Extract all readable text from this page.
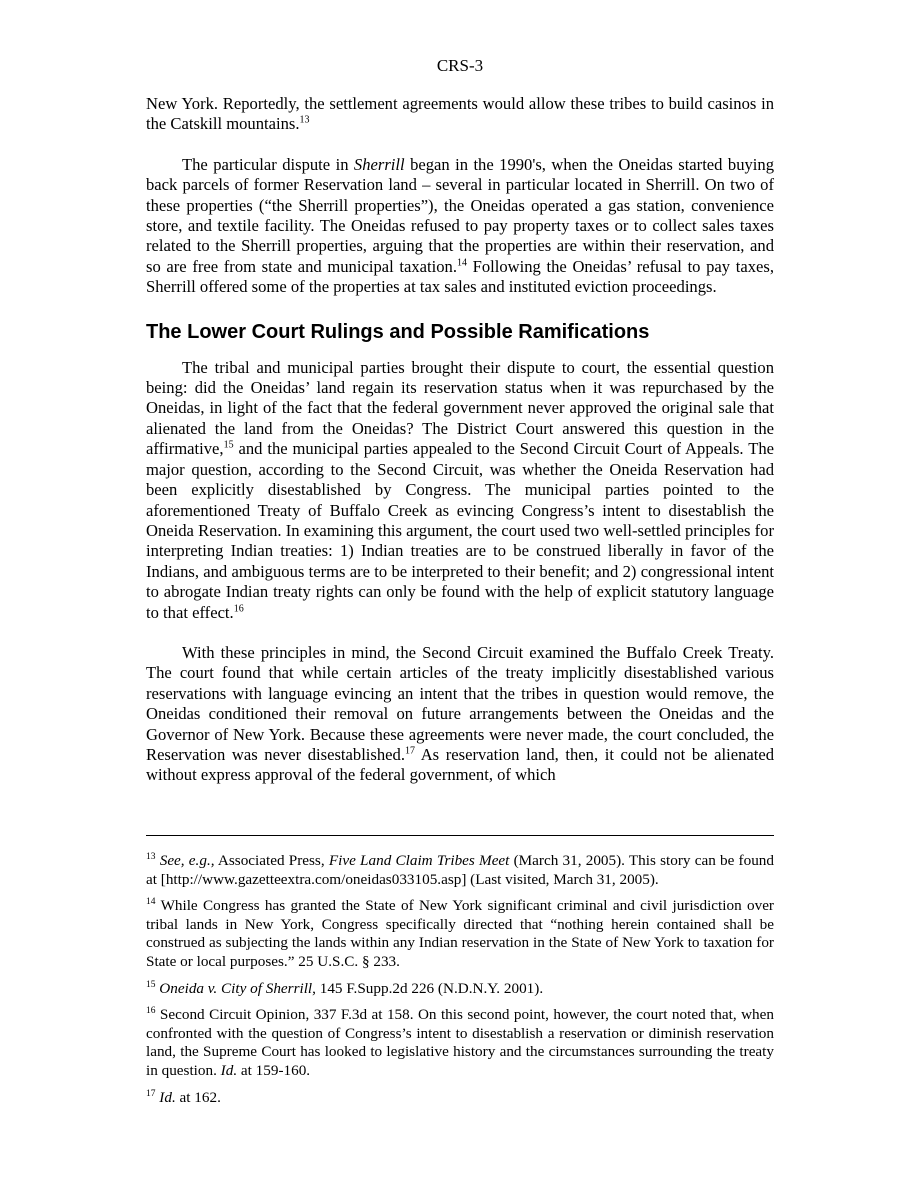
CRS-3

New York. Reportedly, the settlement agreements would allow these tribes to build casinos in the Catskill mountains.$^{13}$

The particular dispute in Sherrill began in the 1990's, when the Oneidas started buying back parcels of former Reservation land – several in particular located in Sherrill. On two of these properties (“the Sherrill properties”), the Oneidas operated a gas station, convenience store, and textile facility. The Oneidas refused to pay property taxes or to collect sales taxes related to the Sherrill properties, arguing that the properties are within their reservation, and so are free from state and municipal taxation.$^{14}$ Following the Oneidas’ refusal to pay taxes, Sherrill offered some of the properties at tax sales and instituted eviction proceedings.

The Lower Court Rulings and Possible Ramifications

The tribal and municipal parties brought their dispute to court, the essential question being: did the Oneidas’ land regain its reservation status when it was repurchased by the Oneidas, in light of the fact that the federal government never approved the original sale that alienated the land from the Oneidas? The District Court answered this question in the affirmative,$^{15}$ and the municipal parties appealed to the Second Circuit Court of Appeals. The major question, according to the Second Circuit, was whether the Oneida Reservation had been explicitly disestablished by Congress. The municipal parties pointed to the aforementioned Treaty of Buffalo Creek as evincing Congress’s intent to disestablish the Oneida Reservation. In examining this argument, the court used two well-settled principles for interpreting Indian treaties: 1) Indian treaties are to be construed liberally in favor of the Indians, and ambiguous terms are to be interpreted to their benefit; and 2) congressional intent to abrogate Indian treaty rights can only be found with the help of explicit statutory language to that effect.$^{16}$

With these principles in mind, the Second Circuit examined the Buffalo Creek Treaty. The court found that while certain articles of the treaty implicitly disestablished various reservations with language evincing an intent that the tribes in question would remove, the Oneidas conditioned their removal on future arrangements between the Oneidas and the Governor of New York. Because these agreements were never made, the court concluded, the Reservation was never disestablished.$^{17}$ As reservation land, then, it could not be alienated without express approval of the federal government, of which

$^{13}$ See, e.g., Associated Press, Five Land Claim Tribes Meet (March 31, 2005). This story can be found at [http://www.gazetteextra.com/oneidas033105.asp] (Last visited, March 31, 2005).

$^{14}$ While Congress has granted the State of New York significant criminal and civil jurisdiction over tribal lands in New York, Congress specifically directed that “nothing herein contained shall be construed as subjecting the lands within any Indian reservation in the State of New York to taxation for State or local purposes.” 25 U.S.C. § 233.

$^{15}$ Oneida v. City of Sherrill, 145 F.Supp.2d 226 (N.D.N.Y. 2001).

$^{16}$ Second Circuit Opinion, 337 F.3d at 158. On this second point, however, the court noted that, when confronted with the question of Congress’s intent to disestablish a reservation or diminish reservation land, the Supreme Court has looked to legislative history and the circumstances surrounding the treaty in question. Id. at 159-160.

$^{17}$ Id. at 162.
